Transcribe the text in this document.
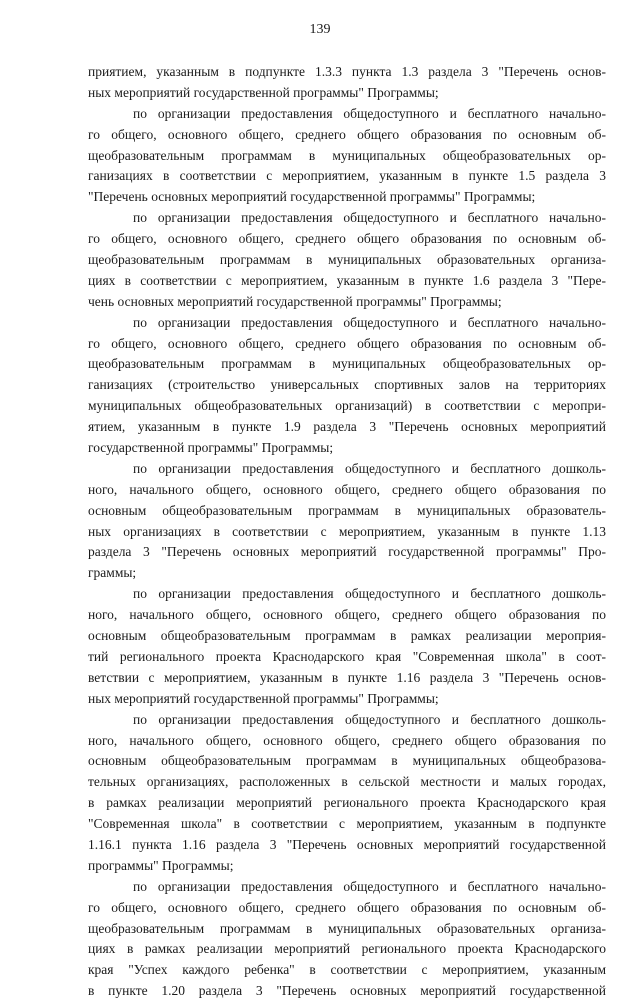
139
приятием, указанным в подпункте 1.3.3 пункта 1.3 раздела 3 "Перечень основ-
ных мероприятий государственной программы" Программы;
по организации предоставления общедоступного и бесплатного начально-
го общего, основного общего, среднего общего образования по основным об-
щеобразовательным программам в муниципальных общеобразовательных ор-
ганизациях в соответствии с мероприятием, указанным в пункте 1.5 раздела 3
"Перечень основных мероприятий государственной программы" Программы;
по организации предоставления общедоступного и бесплатного начально-
го общего, основного общего, среднего общего образования по основным об-
щеобразовательным программам в муниципальных образовательных организа-
циях в соответствии с мероприятием, указанным в пункте 1.6 раздела 3 "Пере-
чень основных мероприятий государственной программы" Программы;
по организации предоставления общедоступного и бесплатного начально-
го общего, основного общего, среднего общего образования по основным об-
щеобразовательным программам в муниципальных общеобразовательных ор-
ганизациях (строительство универсальных спортивных залов на территориях
муниципальных общеобразовательных организаций) в соответствии с меропри-
ятием, указанным в пункте 1.9 раздела 3 "Перечень основных мероприятий
государственной программы" Программы;
по организации предоставления общедоступного и бесплатного дошколь-
ного, начального общего, основного общего, среднего общего образования по
основным общеобразовательным программам в муниципальных образователь-
ных организациях в соответствии с мероприятием, указанным в пункте 1.13
раздела 3 "Перечень основных мероприятий государственной программы" Про-
граммы;
по организации предоставления общедоступного и бесплатного дошколь-
ного, начального общего, основного общего, среднего общего образования по
основным общеобразовательным программам в рамках реализации мероприя-
тий регионального проекта Краснодарского края "Современная школа" в соот-
ветствии с мероприятием, указанным в пункте 1.16 раздела 3 "Перечень основ-
ных мероприятий государственной программы" Программы;
по организации предоставления общедоступного и бесплатного дошколь-
ного, начального общего, основного общего, среднего общего образования по
основным общеобразовательным программам в муниципальных общеобразова-
тельных организациях, расположенных в сельской местности и малых городах,
в рамках реализации мероприятий регионального проекта Краснодарского края
"Современная школа" в соответствии с мероприятием, указанным в подпункте
1.16.1 пункта 1.16 раздела 3 "Перечень основных мероприятий государственной
программы" Программы;
по организации предоставления общедоступного и бесплатного начально-
го общего, основного общего, среднего общего образования по основным об-
щеобразовательным программам в муниципальных образовательных организа-
циях в рамках реализации мероприятий регионального проекта Краснодарского
края "Успех каждого ребенка" в соответствии с мероприятием, указанным
в пункте 1.20 раздела 3 "Перечень основных мероприятий государственной
